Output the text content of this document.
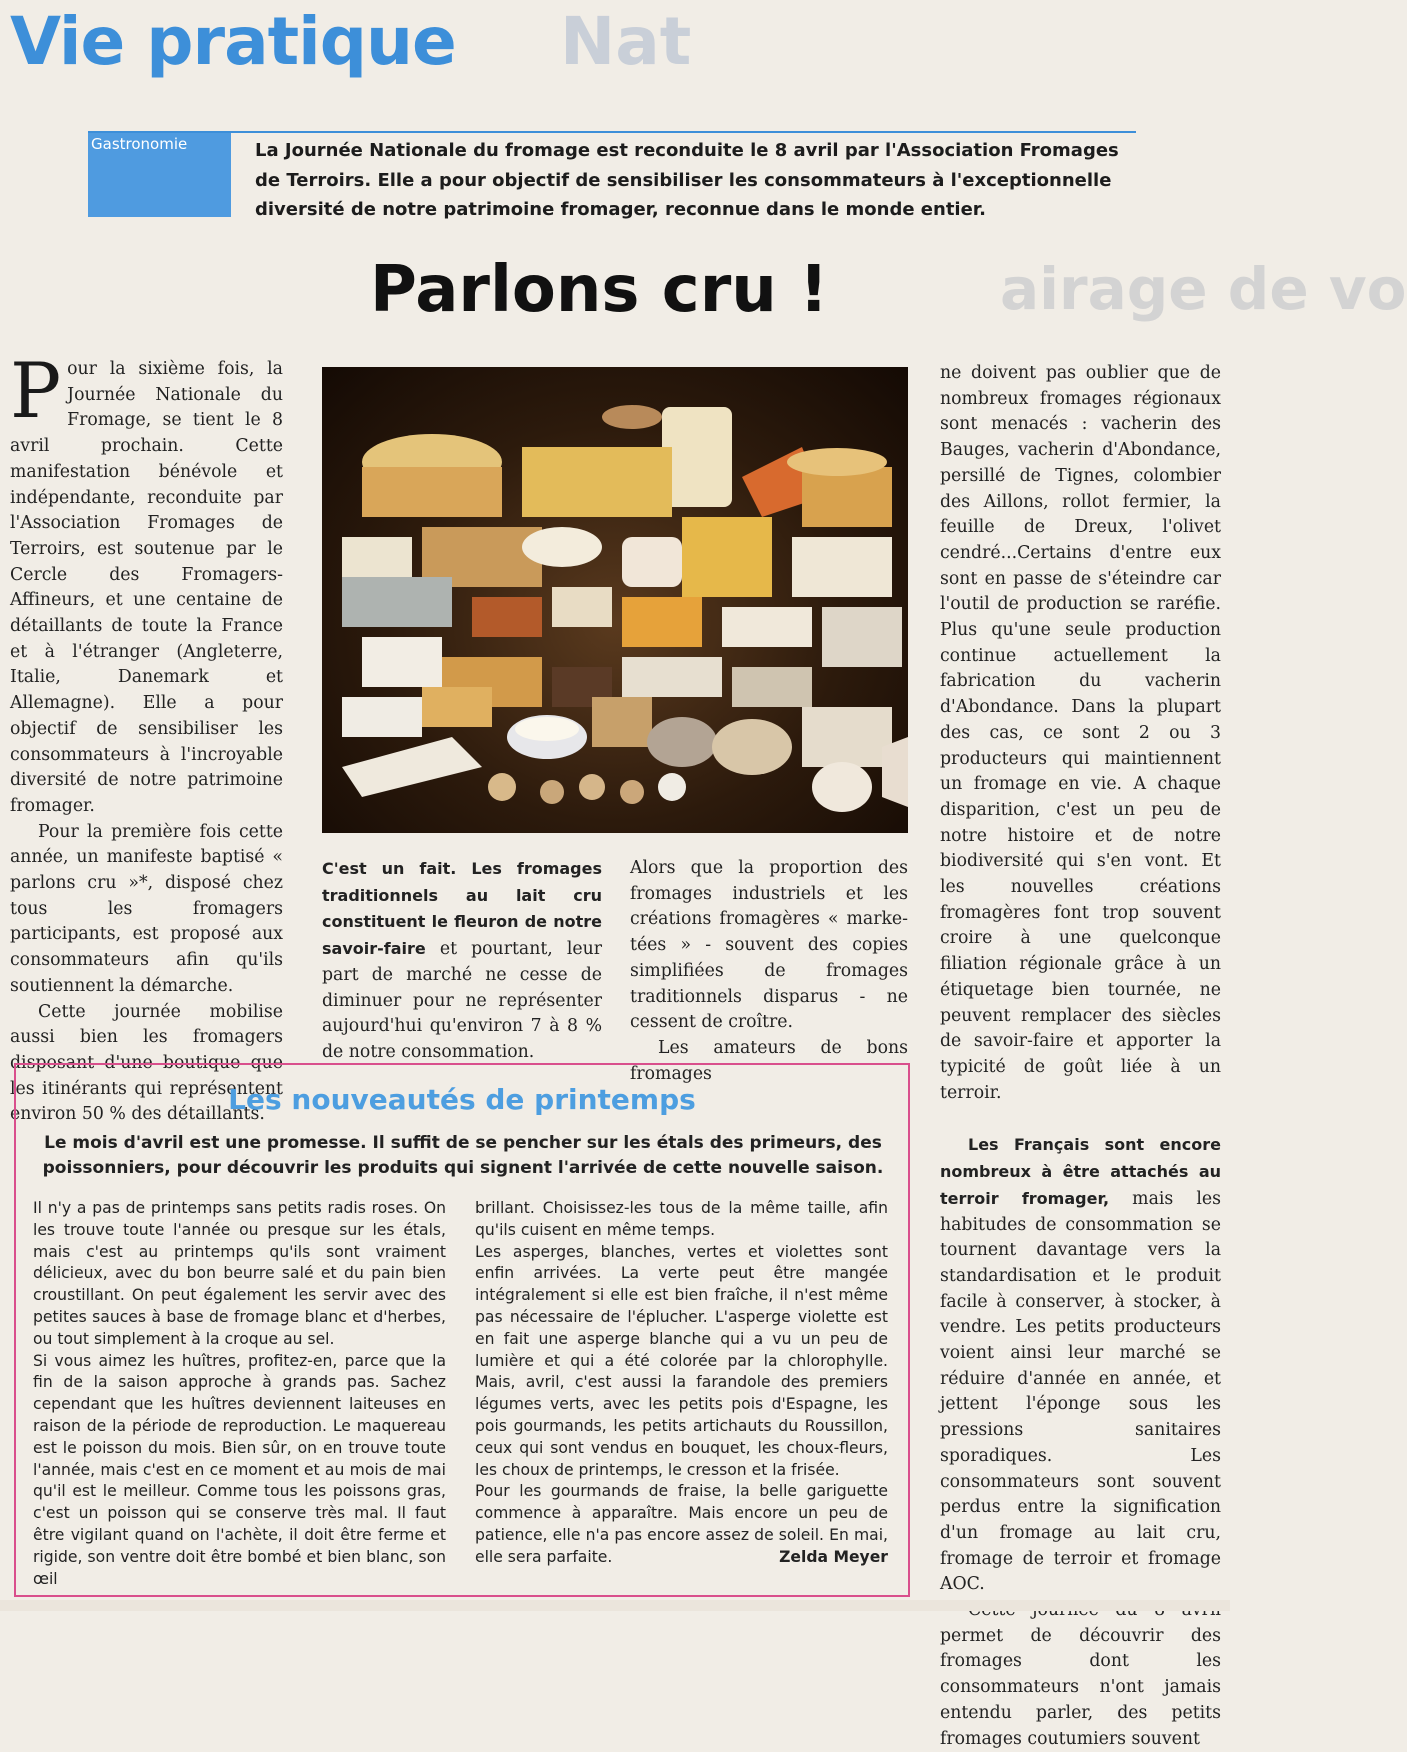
Vie pratique	Nat
Gastronomie	La Journée Nationale du fromage est reconduite le 8 avril par l'Association Fromages de Terroirs. Elle a pour objectif de sensibiliser les consommateurs à l'exceptionnelle diversité de notre patrimoine fromager, reconnue dans le monde entier.
Parlons cru !	airage de vo

Pour la sixième fois, la Journée Nationale du Fromage, se tient le 8 avril prochain. Cette manifestation bénévole et indépendante, reconduite par l'Association Fromages de Terroirs, est soutenue par le Cercle des Fromagers-Affineurs, et une centaine de détaillants de toute la France et à l'étranger (Angleterre, Italie, Danemark et Allemagne). Elle a pour objectif de sensibiliser les consommateurs à l'incroyable diversité de notre patrimoine fromager.

Pour la première fois cette année, un manifeste baptisé « parlons cru »*, disposé chez tous les fromagers participants, est proposé aux consommateurs afin qu'ils soutiennent la démarche.

Cette journée mobilise aussi bien les fromagers disposant d'une boutique que les itinérants qui représentent environ 50 % des détaillants.

C'est un fait. Les fromages traditionnels au lait cru constituent le fleuron de notre savoir-faire et pourtant, leur part de marché ne cesse de diminuer pour ne représenter aujourd'hui qu'environ 7 à 8 % de notre consommation.

Alors que la proportion des fromages industriels et les créations fromagères « marke-tées » - souvent des copies simplifiées de fromages traditionnels disparus - ne cessent de croître.

Les amateurs de bons fromages

ne doivent pas oublier que de nombreux fromages régionaux sont menacés : vacherin des Bauges, vacherin d'Abondance, persillé de Tignes, colombier des Aillons, rollot fermier, la feuille de Dreux, l'olivet cendré...Certains d'entre eux sont en passe de s'éteindre car l'outil de production se raréfie. Plus qu'une seule production continue actuellement la fabrication du vacherin d'Abondance. Dans la plupart des cas, ce sont 2 ou 3 producteurs qui maintiennent un fromage en vie. A chaque disparition, c'est un peu de notre histoire et de notre biodiversité qui s'en vont. Et les nouvelles créations fromagères font trop souvent croire à une quelconque filiation régionale grâce à un étiquetage bien tournée, ne peuvent remplacer des siècles de savoir-faire et apporter la typicité de goût liée à un terroir.

Les Français sont encore nombreux à être attachés au terroir fromager, mais les habitudes de consommation se tournent davantage vers la standardisation et le produit facile à conserver, à stocker, à vendre. Les petits producteurs voient ainsi leur marché se réduire d'année en année, et jettent l'éponge sous les pressions sanitaires sporadiques. Les consommateurs sont souvent perdus entre la signification d'un fromage au lait cru, fromage de terroir et fromage AOC.

permet de découvrir des fromages dont les consommateurs n'ont jamais entendu parler, des petits fromages coutumiers souvent

Les nouveautés de printemps
Le mois d'avril est une promesse. Il suffit de se pencher sur les étals des primeurs, des poissonniers, pour découvrir les produits qui signent l'arrivée de cette nouvelle saison.

Il n'y a pas de printemps sans petits radis roses. On les trouve toute l'année ou presque sur les étals, mais c'est au printemps qu'ils sont vraiment délicieux, avec du bon beurre salé et du pain bien croustillant. On peut également les servir avec des petites sauces à base de fromage blanc et d'herbes, ou tout simplement à la croque au sel.

Si vous aimez les huîtres, profitez-en, parce que la fin de la saison approche à grands pas. Sachez cependant que les huîtres deviennent laiteuses en raison de la période de reproduction. Le maquereau est le poisson du mois. Bien sûr, on en trouve toute l'année, mais c'est en ce moment et au mois de mai qu'il est le meilleur. Comme tous les poissons gras, c'est un poisson qui se conserve très mal. Il faut être vigilant quand on l'achète, il doit être ferme et rigide, son ventre doit être bombé et bien blanc, son œil

brillant. Choisissez-les tous de la même taille, afin qu'ils cuisent en même temps.

Les asperges, blanches, vertes et violettes sont enfin arrivées. La verte peut être mangée intégralement si elle est bien fraîche, il n'est même pas nécessaire de l'éplucher. L'asperge violette est en fait une asperge blanche qui a vu un peu de lumière et qui a été colorée par la chlorophylle. Mais, avril, c'est aussi la farandole des premiers légumes verts, avec les petits pois d'Espagne, les pois gourmands, les petits artichauts du Roussillon, ceux qui sont vendus en bouquet, les choux-fleurs, les choux de printemps, le cresson et la frisée.

Pour les gourmands de fraise, la belle gariguette commence à apparaître. Mais encore un peu de patience, elle n'a pas encore assez de soleil. En mai, elle sera parfaite.	Zelda Meyer
